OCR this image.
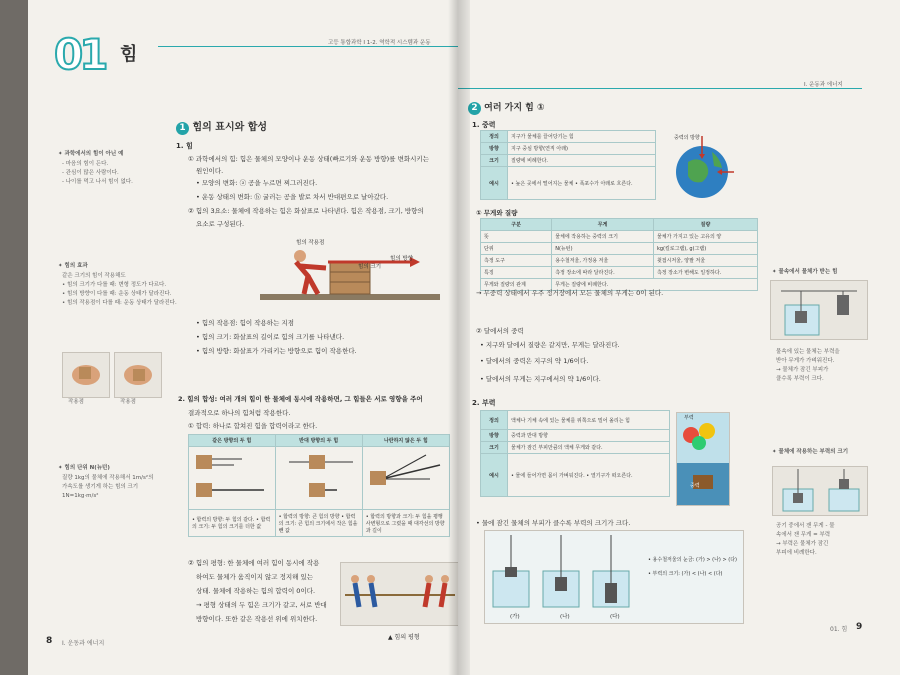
01 힘
고등 통합과학 I 1-2. 역학적 시스템과 운동
1 힘의 표시와 합성
1. 힘
① 과학에서의 힘: 힘은 물체의 모양이나 운동 상태(빠르기와 운동 방향)를 변화시키는
원인이다.
• 모양의 변화: ⓐ 공을 누르면 찌그러진다.
• 운동 상태의 변화: ⓑ 굴러는 공을 발로 차서 반대편으로 날아갔다.
② 힘의 3요소: 물체에 작용하는 힘은 화살표로 나타낸다. 힘은 작용점, 크기, 방향의
요소로 구성된다.
힘의 작용점
힘의 크기
힘의 방향
• 힘의 작용점: 힘이 작용하는 지점
• 힘의 크기: 화살표의 길이로 힘의 크기를 나타낸다.
• 힘의 방향: 화살표가 가리키는 방향으로 힘이 작용한다.
2. 힘의 합성: 여러 개의 힘이 한 물체에 동시에 작용하면, 그 힘들은 서로 영향을 주어
결과적으로 하나의 힘처럼 작용한다.
① 합력: 하나로 합쳐진 힘을 합력이라고 한다.
같은 방향의 두 힘	반대 방향의 두 힘	나란하지 않은 두 힘

• 합력의 방향: 두 힘의 같다. • 합력의 크기: 두 힘의 크기를 더한 값	• 합력의 방향: 큰 힘의 방향 • 합력의 크기: 큰 힘의 크기에서 작은 힘을 뺀 값	• 합력의 방향과 크기: 두 힘을 평행사변형으로 그렸을 때 대각선의 방향과 길이
② 힘의 평형: 한 물체에 여러 힘이 동시에 작용
하여도 물체가 움직이지 않고 정지해 있는
상태. 물체에 작용하는 힘의 합력이 0이다.
→ 평형 상태의 두 힘은 크기가 같고, 서로 반대
방향이다. 또한 같은 작용선 위에 위치한다.
▲ 힘의 평형
✦ 과학에서의 힘이 아닌 예
- 마음의 힘이 든다.
- 관심이 많은 사람이다.
- 나이를 먹고 나서 힘이 없다.
✦ 힘의 효과
같은 크기의 힘이 작용해도
• 힘의 크기가 다를 때: 변형 정도가 다르다.
• 힘의 방향이 다를 때: 운동 상태가 달라진다.
• 힘의 작용점이 다를 때: 운동 상태가 달라진다.
작용점	작용점
✦ 힘의 단위 N(뉴턴)
질량 1kg의 물체에 작용해서 1m/s²의
가속도를 생기게 하는 힘의 크기
1N=1kg·m/s²
8 I. 운동과 에너지
I. 운동과 에너지
2 여러 가지 힘 ①
1. 중력
정의	지구가 물체를 끌어당기는 힘
방향	지구 중심 방향(연직 아래)
크기	질량에 비례한다.
예시	• 높은 곳에서 떨어지는 물체 • 폭포수가 아래로 흐른다.
중력의 방향
① 무게와 질량
구분	무게	질량
뜻	물체에 작용하는 중력의 크기	물체가 가지고 있는 고유의 양
단위	N(뉴턴)	kg(킬로그램), g(그램)
측정 도구	용수철저울, 가정용 저울	윗접시저울, 양팔 저울
특징	측정 장소에 따라 달라진다.	측정 장소가 변해도 일정하다.
무게와 질량의 관계	무게는 질량에 비례한다.	
→ 무중력 상태에서 우주 정거장에서 모든 물체의 무게는 0이 된다.
② 달에서의 중력
• 지구와 달에서 질량은 같지만, 무게는 달라진다.
• 달에서의 중력은 지구의 약 1/6이다.
• 달에서의 무게는 지구에서의 약 1/6이다.
2. 부력
정의	액체나 기체 속에 있는 물체를 위쪽으로 밀어 올리는 힘
방향	중력과 반대 방향
크기	물체가 잠긴 부피만큼의 액체 무게와 같다.
예시	• 물에 들어가면 몸이 가벼워진다. • 열기구가 떠오른다.
부력
중력
• 물에 잠긴 물체의 부피가 클수록 부력의 크기가 크다.
(가)	(나)	(다)
• 용수철저울의 눈금: (가) > (나) > (다)
• 부력의 크기: (가) < (나) < (다)
✦ 물속에서 물체가 받는 힘
물속에 있는 물체는 부력을
받아 무게가 가벼워진다.
→ 물체가 잠긴 부피가
클수록 부력이 크다.
✦ 물체에 작용하는 부력의 크기
공기 중에서 잰 무게 - 물
속에서 잰 무게 = 부력
→ 부력은 물체가 잠긴
부피에 비례한다.
01. 힘 9
